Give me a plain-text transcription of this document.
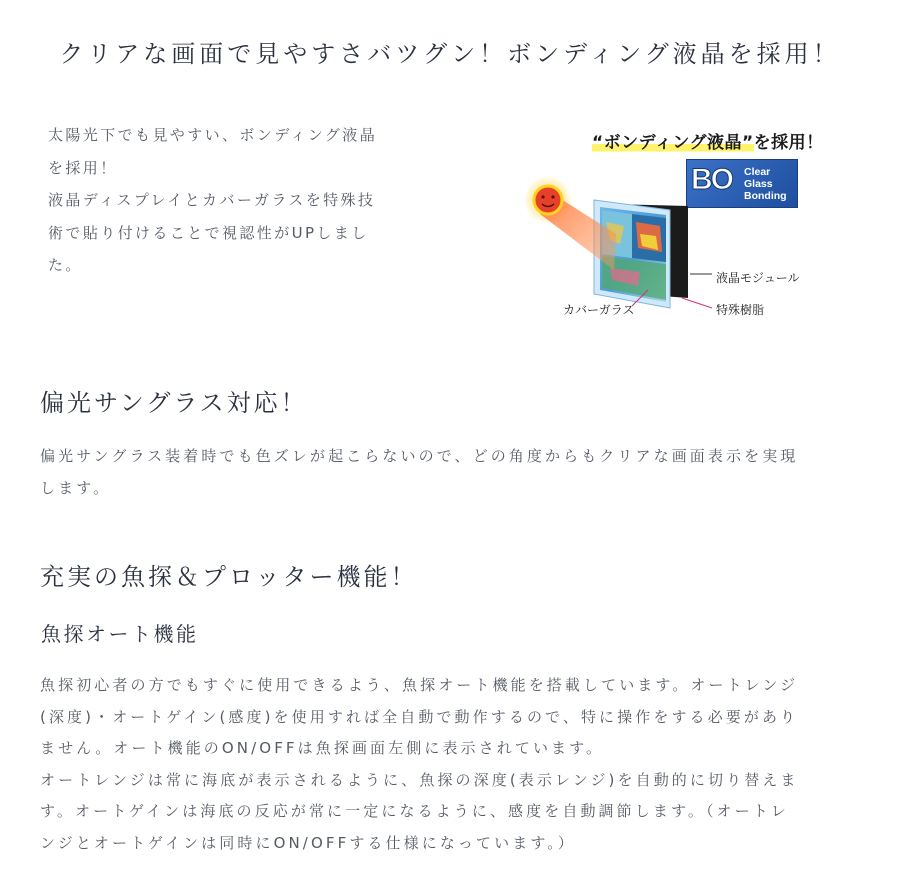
クリアな画面で見やすさバツグン！ボンディング液晶を採用！

太陽光下でも見やすい、ボンディング液晶

を採用！

液晶ディスプレイとカバーガラスを特殊技

術で貼り付けることで視認性がUPしまし

た。

“ボンディング液晶”を採用！
BO Clear
Glass
Bonding
液晶モジュール
カバーガラス	特殊樹脂
偏光サングラス対応！

偏光サングラス装着時でも色ズレが起こらないので、どの角度からもクリアな画面表示を実現

します。

充実の魚探＆プロッター機能！
魚探オート機能

魚探初心者の方でもすぐに使用できるよう、魚探オート機能を搭載しています。オートレンジ

(深度)・オートゲイン(感度)を使用すれば全自動で動作するので、特に操作をする必要があり

ません。オート機能のON/OFFは魚探画面左側に表示されています。

オートレンジは常に海底が表示されるように、魚探の深度(表示レンジ)を自動的に切り替えま

す。オートゲインは海底の反応が常に一定になるように、感度を自動調節します。（オートレ

ンジとオートゲインは同時にON/OFFする仕様になっています。）
